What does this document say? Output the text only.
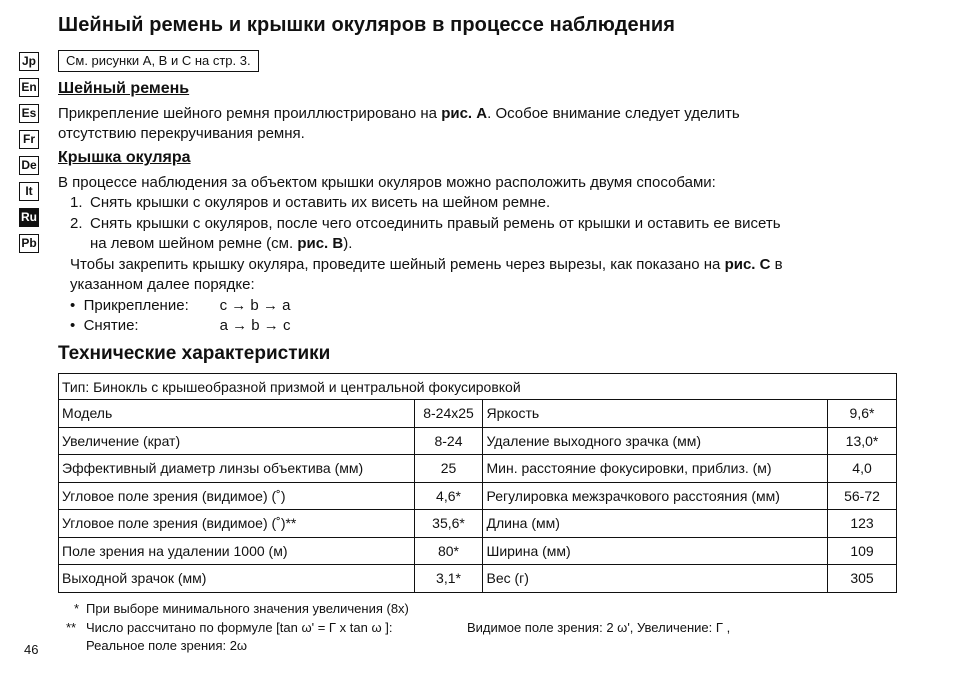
Jp
En
Es
Fr
De
It
Ru
Pb
Шейный ремень и крышки окуляров в процессе наблюдения
См. рисунки A, B и C на стр. 3.
Шейный ремень

Прикрепление шейного ремня проиллюстрировано на рис. A. Особое внимание следует уделить

отсутствию перекручивания ремня.

Крышка окуляра

В процессе наблюдения за объектом крышки окуляров можно расположить двумя способами:

1. Снять крышки с окуляров и оставить их висеть на шейном ремне.
2. Снять крышки с окуляров, после чего отсоединить правый ремень от крышки и оставить ее висеть
на левом шейном ремне (см. рис. B).

Чтобы закрепить крышку окуляра, проведите шейный ремень через вырезы, как показано на рис. C в

указанном далее порядке:

•  Прикрепление: c → b → a
•  Снятие:	a → b → c
Технические характеристики
Тип: Бинокль с крышеобразной призмой и центральной фокусировкой			
Модель	8-24x25	Яркость	9,6*
Увеличение (крат)	8-24	Удаление выходного зрачка (мм)	13,0*
Эффективный диаметр линзы объектива (мм)	25	Мин. расстояние фокусировки, приблиз. (м)	4,0
Угловое поле зрения (видимое) (˚)	4,6*	Регулировка межзрачкового расстояния (мм)	56-72
Угловое поле зрения (видимое) (˚)**	35,6*	Длина (мм)	123
Поле зрения на удалении 1000 (м)	80*	Ширина (мм)	109
Выходной зрачок (мм)	3,1*	Вес (г)	305
* При выборе минимального значения увеличения (8x)
** Число рассчитано по формуле [tan ω' = Γ x tan ω ]:	Видимое поле зрения: 2 ω', Увеличение: Γ ,
Реальное поле зрения: 2ω
46
